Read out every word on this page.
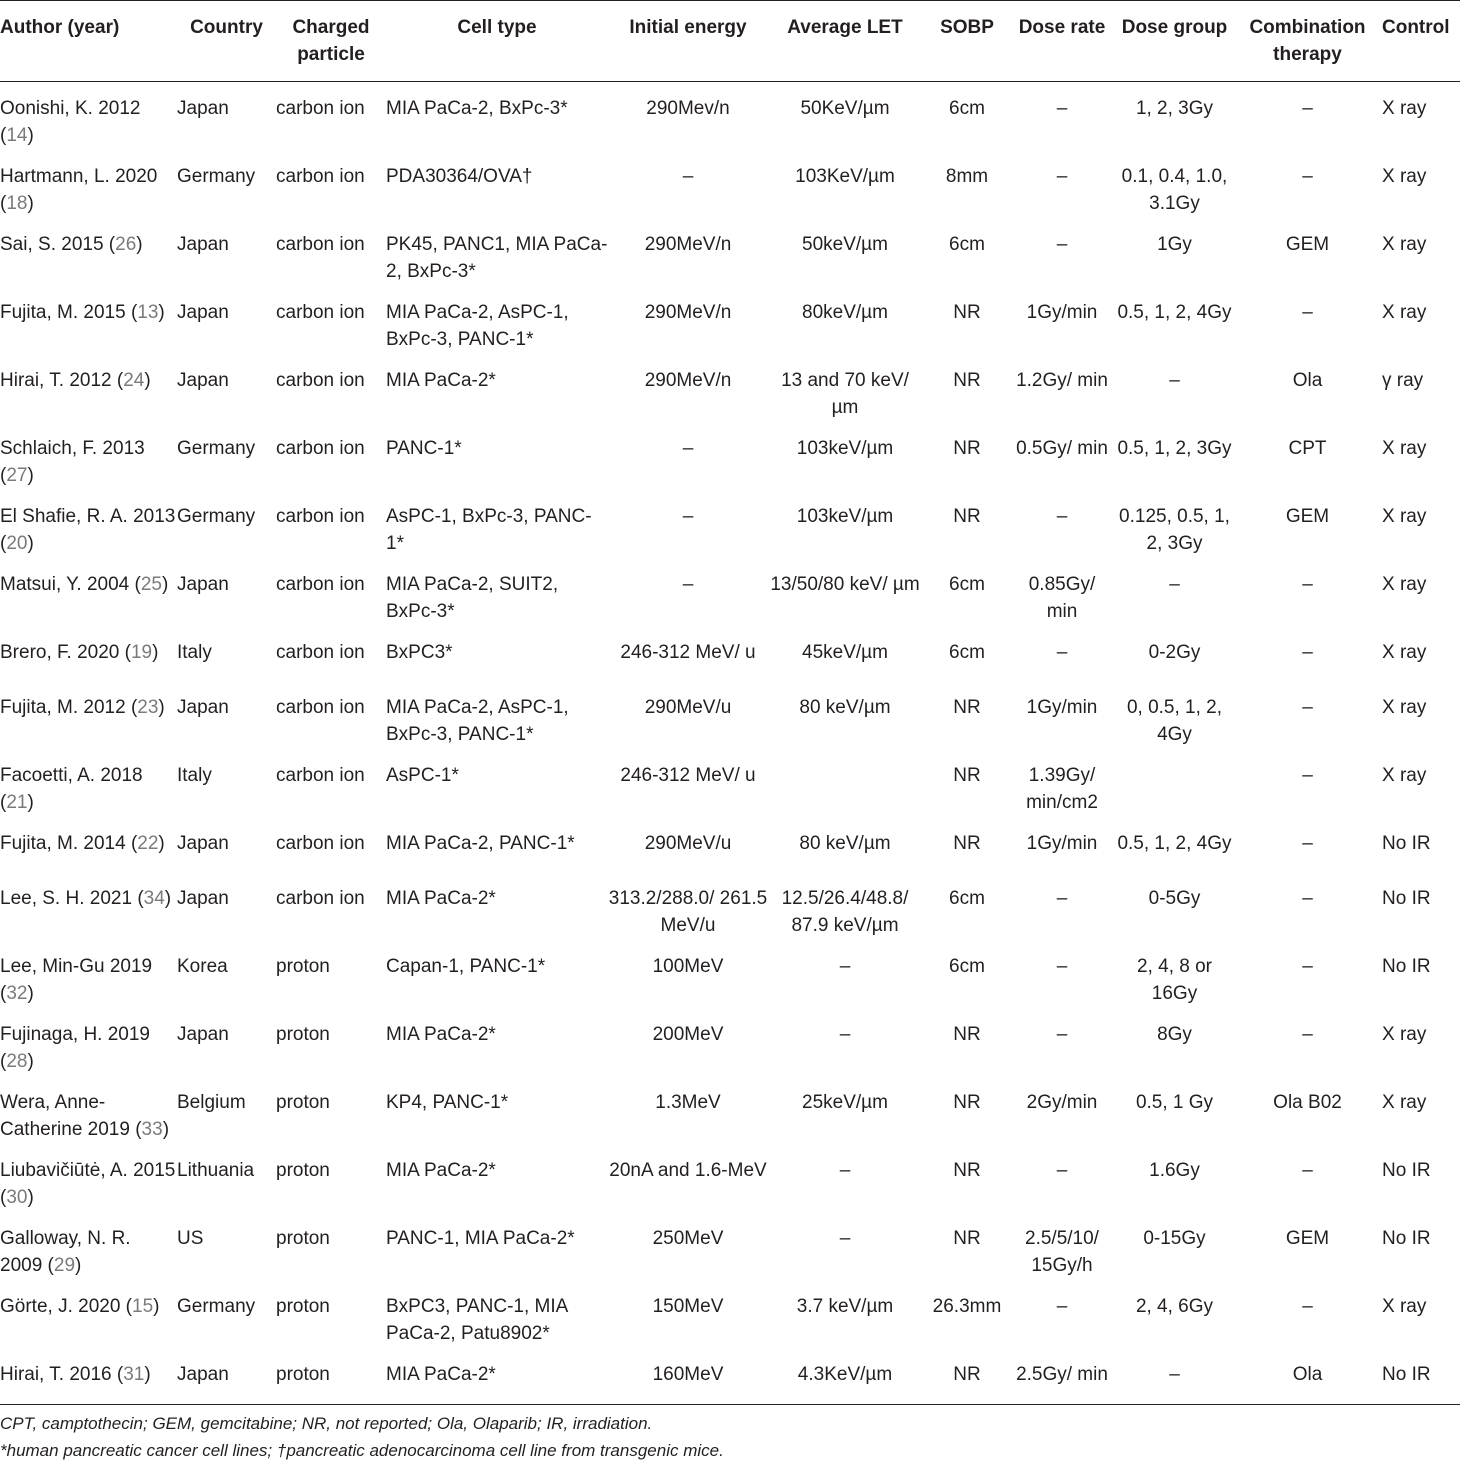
Author (year)	Country	Charged particle	Cell type	Initial energy	Average LET	SOBP	Dose rate	Dose group	Combination therapy	Control
Oonishi, K. 2012 (14)	Japan	carbon ion	MIA PaCa-2, BxPc-3*	290Mev/n	50KeV/µm	6cm	–	1, 2, 3Gy	–	X ray
Hartmann, L. 2020 (18)	Germany	carbon ion	PDA30364/OVA†	–	103KeV/µm	8mm	–	0.1, 0.4, 1.0, 3.1Gy	–	X ray
Sai, S. 2015 (26)	Japan	carbon ion	PK45, PANC1, MIA PaCa-2, BxPc-3*	290MeV/n	50keV/µm	6cm	–	1Gy	GEM	X ray
Fujita, M. 2015 (13)	Japan	carbon ion	MIA PaCa-2, AsPC-1, BxPc-3, PANC-1*	290MeV/n	80keV/µm	NR	1Gy/min	0.5, 1, 2, 4Gy	–	X ray
Hirai, T. 2012 (24)	Japan	carbon ion	MIA PaCa-2*	290MeV/n	13 and 70 keV/ µm	NR	1.2Gy/ min	–	Ola	γ ray
Schlaich, F. 2013 (27)	Germany	carbon ion	PANC-1*	–	103keV/µm	NR	0.5Gy/ min	0.5, 1, 2, 3Gy	CPT	X ray
El Shafie, R. A. 2013 (20)	Germany	carbon ion	AsPC-1, BxPc-3, PANC-1*	–	103keV/µm	NR	–	0.125, 0.5, 1, 2, 3Gy	GEM	X ray
Matsui, Y. 2004 (25)	Japan	carbon ion	MIA PaCa-2, SUIT2, BxPc-3*	–	13/50/80 keV/ µm	6cm	0.85Gy/ min	–	–	X ray
Brero, F. 2020 (19)	Italy	carbon ion	BxPC3*	246-312 MeV/ u	45keV/µm	6cm	–	0-2Gy	–	X ray
Fujita, M. 2012 (23)	Japan	carbon ion	MIA PaCa-2, AsPC-1, BxPc-3, PANC-1*	290MeV/u	80 keV/µm	NR	1Gy/min	0, 0.5, 1, 2, 4Gy	–	X ray
Facoetti, A. 2018 (21)	Italy	carbon ion	AsPC-1*	246-312 MeV/ u		NR	1.39Gy/ min/cm2		–	X ray
Fujita, M. 2014 (22)	Japan	carbon ion	MIA PaCa-2, PANC-1*	290MeV/u	80 keV/µm	NR	1Gy/min	0.5, 1, 2, 4Gy	–	No IR
Lee, S. H. 2021 (34)	Japan	carbon ion	MIA PaCa-2*	313.2/288.0/ 261.5 MeV/u	12.5/26.4/48.8/ 87.9 keV/µm	6cm	–	0-5Gy	–	No IR
Lee, Min-Gu 2019 (32)	Korea	proton	Capan-1, PANC-1*	100MeV	–	6cm	–	2, 4, 8 or 16Gy	–	No IR
Fujinaga, H. 2019 (28)	Japan	proton	MIA PaCa-2*	200MeV	–	NR	–	8Gy	–	X ray
Wera, Anne-Catherine 2019 (33)	Belgium	proton	KP4, PANC-1*	1.3MeV	25keV/µm	NR	2Gy/min	0.5, 1 Gy	Ola B02	X ray
Liubavičiūtė, A. 2015 (30)	Lithuania	proton	MIA PaCa-2*	20nA and 1.6-MeV	–	NR	–	1.6Gy	–	No IR
Galloway, N. R. 2009 (29)	US	proton	PANC-1, MIA PaCa-2*	250MeV	–	NR	2.5/5/10/ 15Gy/h	0-15Gy	GEM	No IR
Görte, J. 2020 (15)	Germany	proton	BxPC3, PANC-1, MIA PaCa-2, Patu8902*	150MeV	3.7 keV/µm	26.3mm	–	2, 4, 6Gy	–	X ray
Hirai, T. 2016 (31)	Japan	proton	MIA PaCa-2*	160MeV	4.3KeV/µm	NR	2.5Gy/ min	–	Ola	No IR
CPT, camptothecin; GEM, gemcitabine; NR, not reported; Ola, Olaparib; IR, irradiation.
*human pancreatic cancer cell lines; †pancreatic adenocarcinoma cell line from transgenic mice.
